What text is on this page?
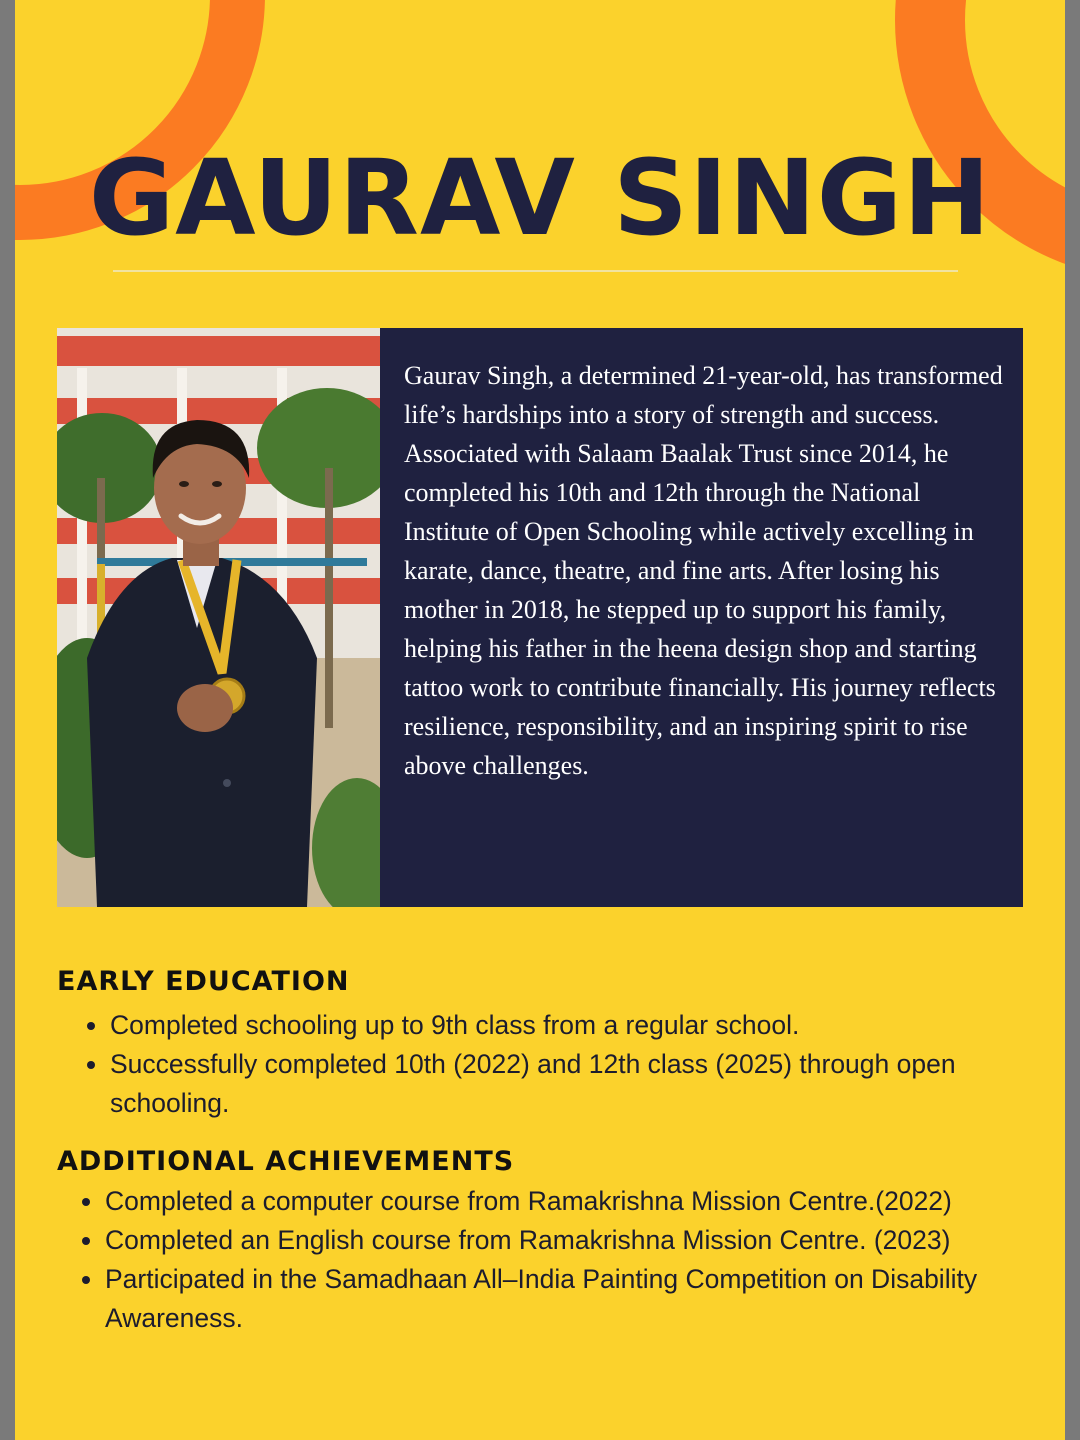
GAURAV SINGH

Gaurav Singh, a determined 21-year-old, has transformed life’s hardships into a story of strength and success. Associated with Salaam Baalak Trust since 2014, he completed his 10th and 12th through the National Institute of Open Schooling while actively excelling in karate, dance, theatre, and fine arts. After losing his mother in 2018, he stepped up to support his family, helping his father in the heena design shop and starting tattoo work to contribute financially. His journey reflects resilience, responsibility, and an inspiring spirit to rise above challenges.

EARLY EDUCATION
Completed schooling up to 9th class from a regular school.
Successfully completed 10th (2022) and 12th class (2025) through open schooling.
ADDITIONAL ACHIEVEMENTS
Completed a computer course from Ramakrishna Mission Centre.(2022)
Completed an English course from Ramakrishna Mission Centre. (2023)
Participated in the Samadhaan All–India Painting Competition on Disability Awareness.
